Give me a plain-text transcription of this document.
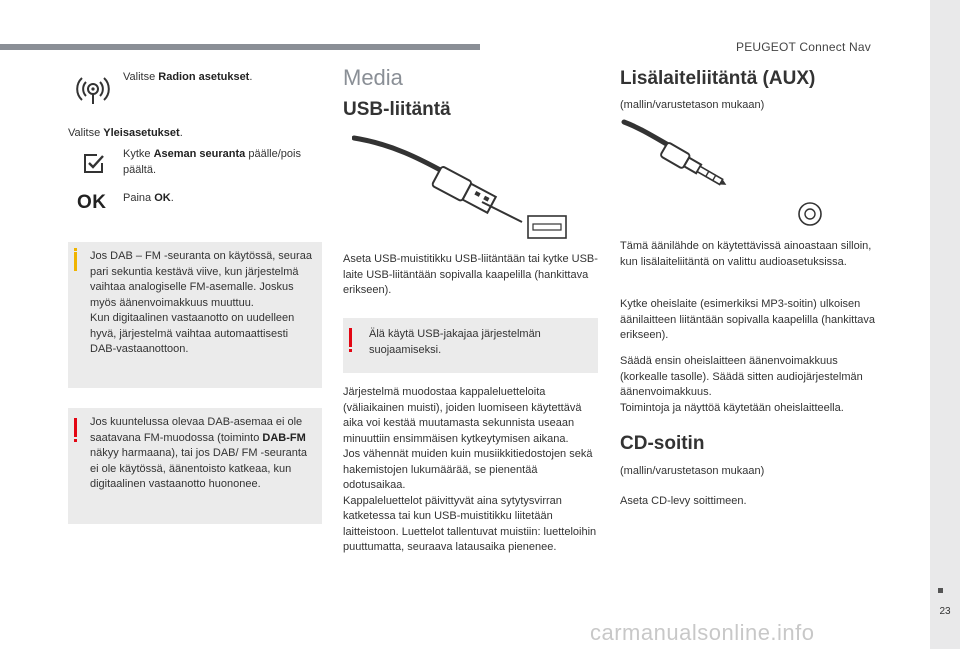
PEUGEOT Connect Nav
23
carmanualsonline.info

Valitse Radion asetukset.

Valitse Yleisasetukset.

Kytke Aseman seuranta päälle/pois päältä.

OK Paina OK.

Jos DAB – FM -seuranta on käytössä, seuraa pari sekuntia kestävä viive, kun järjestelmä vaihtaa analogiselle FM-asemalle. Joskus myös äänenvoimakkuus muuttuu.
Kun digitaalinen vastaanotto on uudelleen hyvä, järjestelmä vaihtaa automaattisesti DAB-vastaanottoon.
Jos kuuntelussa olevaa DAB-asemaa ei ole saatavana FM-muodossa (toiminto DAB-FM näkyy harmaana), tai jos DAB/ FM -seuranta ei ole käytössä, äänentoisto katkeaa, kun digitaalinen vastaanotto huononee.
Media
USB-liitäntä

Aseta USB-muistitikku USB-liitäntään tai kytke USB-laite USB-liitäntään sopivalla kaapelilla (hankittava erikseen).

Älä käytä USB-jakajaa järjestelmän suojaamiseksi.

Järjestelmä muodostaa kappaleluetteloita (väliaikainen muisti), joiden luomiseen käytettävä aika voi kestää muutamasta sekunnista useaan minuuttiin ensimmäisen kytkeytymisen aikana.
Jos vähennät muiden kuin musiikkitiedostojen sekä hakemistojen lukumäärää, se pienentää odotusaikaa.
Kappaleluettelot päivittyvät aina sytytysvirran katketessa tai kun USB-muistitikku liitetään laitteistoon. Luettelot tallentuvat muistiin: luetteloihin puuttumatta, seuraava latausaika pienenee.

Lisälaiteliitäntä (AUX)

(mallin/varustetason mukaan)

Tämä äänilähde on käytettävissä ainoastaan silloin, kun lisälaiteliitäntä on valittu audioasetuksissa.

Kytke oheislaite (esimerkiksi MP3-soitin) ulkoisen äänilaitteen liitäntään sopivalla kaapelilla (hankittava erikseen).

Säädä ensin oheislaitteen äänenvoimakkuus (korkealle tasolle). Säädä sitten audiojärjestelmän äänenvoimakkuus.
Toimintoja ja näyttöä käytetään oheislaitteella.

CD-soitin

(mallin/varustetason mukaan)

Aseta CD-levy soittimeen.
